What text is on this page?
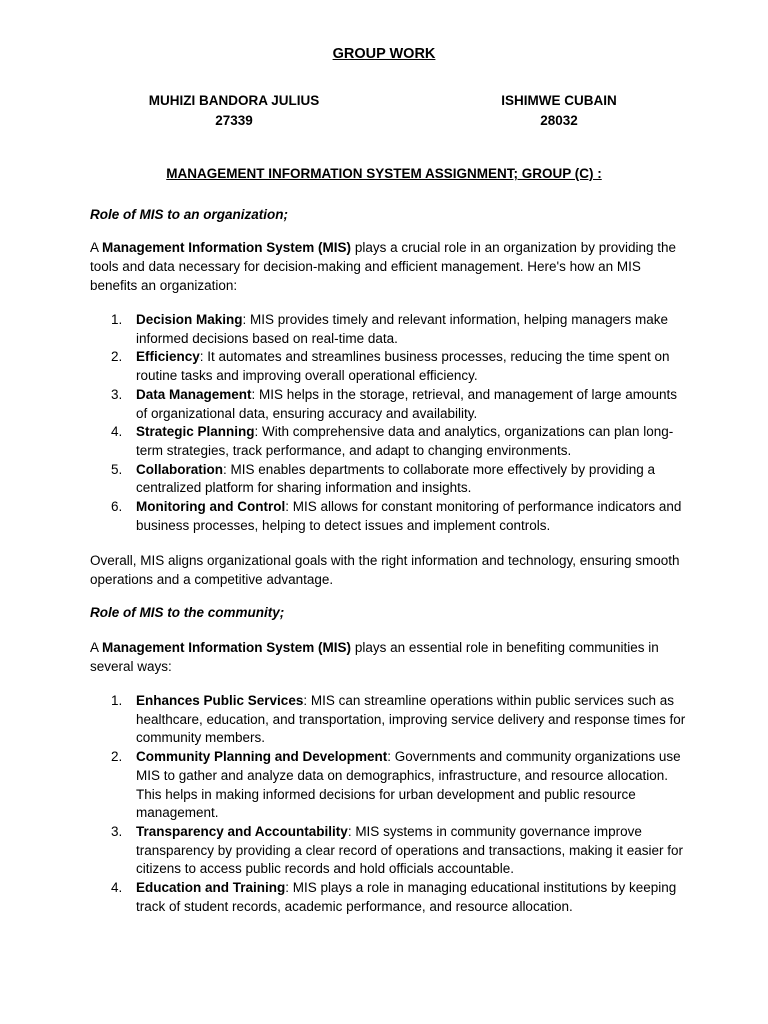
GROUP WORK
MUHIZI BANDORA JULIUS
27339
ISHIMWE CUBAIN
28032
MANAGEMENT INFORMATION SYSTEM ASSIGNMENT; GROUP (C) :
Role of MIS to an organization;
A Management Information System (MIS) plays a crucial role in an organization by providing the tools and data necessary for decision-making and efficient management. Here's how an MIS benefits an organization:
1. Decision Making: MIS provides timely and relevant information, helping managers make informed decisions based on real-time data.
2. Efficiency: It automates and streamlines business processes, reducing the time spent on routine tasks and improving overall operational efficiency.
3. Data Management: MIS helps in the storage, retrieval, and management of large amounts of organizational data, ensuring accuracy and availability.
4. Strategic Planning: With comprehensive data and analytics, organizations can plan long-term strategies, track performance, and adapt to changing environments.
5. Collaboration: MIS enables departments to collaborate more effectively by providing a centralized platform for sharing information and insights.
6. Monitoring and Control: MIS allows for constant monitoring of performance indicators and business processes, helping to detect issues and implement controls.
Overall, MIS aligns organizational goals with the right information and technology, ensuring smooth operations and a competitive advantage.
Role of MIS to the community;
A Management Information System (MIS) plays an essential role in benefiting communities in several ways:
1. Enhances Public Services: MIS can streamline operations within public services such as healthcare, education, and transportation, improving service delivery and response times for community members.
2. Community Planning and Development: Governments and community organizations use MIS to gather and analyze data on demographics, infrastructure, and resource allocation. This helps in making informed decisions for urban development and public resource management.
3. Transparency and Accountability: MIS systems in community governance improve transparency by providing a clear record of operations and transactions, making it easier for citizens to access public records and hold officials accountable.
4. Education and Training: MIS plays a role in managing educational institutions by keeping track of student records, academic performance, and resource allocation.
